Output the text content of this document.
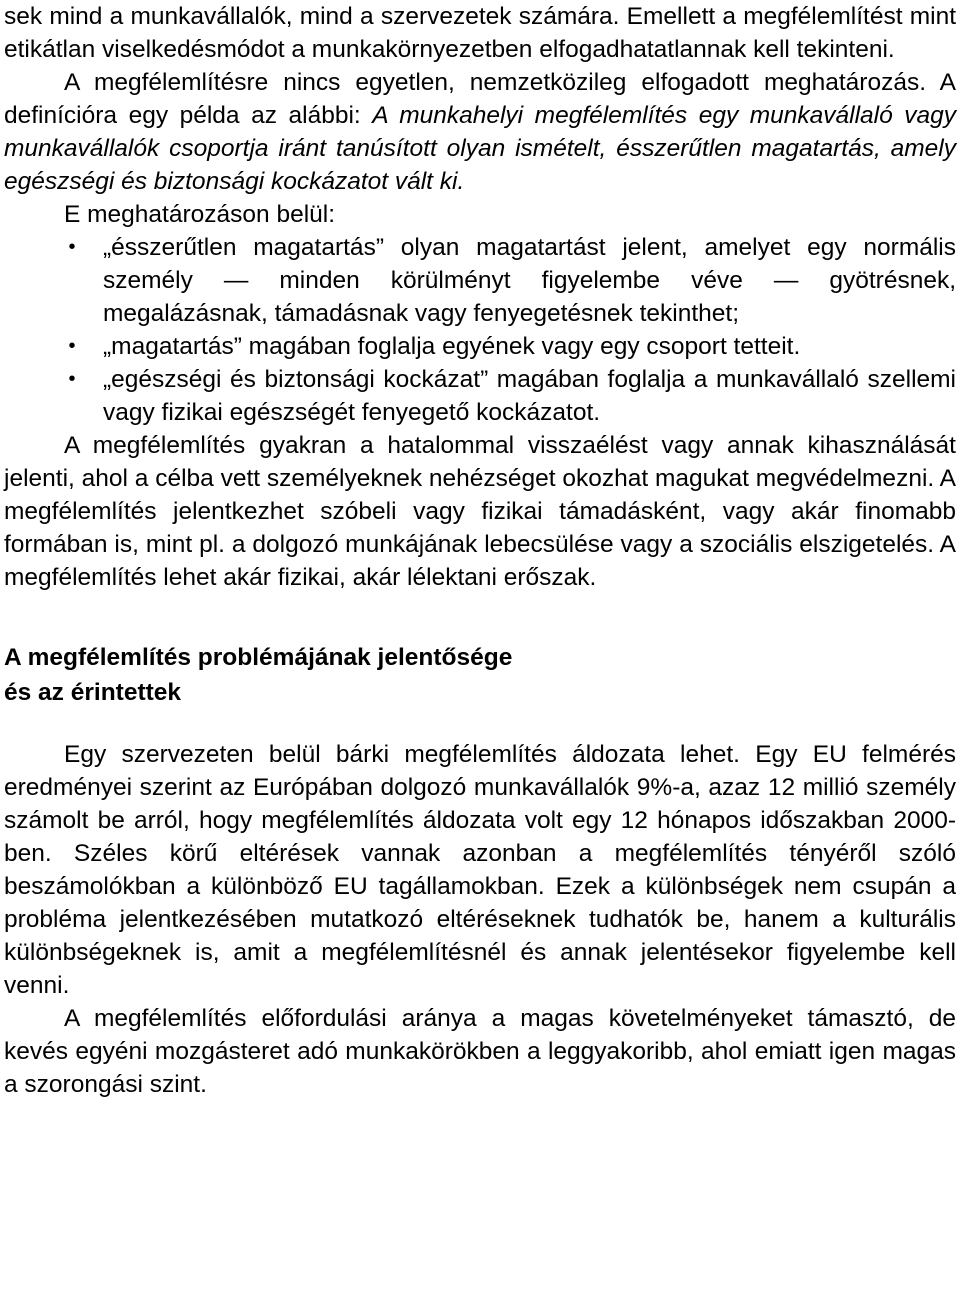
sek mind a munkavállalók, mind a szervezetek számára. Emellett a megfélemlítést mint etikátlan viselkedésmódot a munkakörnyezetben elfogadhatatlannak kell tekinteni.

A megfélemlítésre nincs egyetlen, nemzetközileg elfogadott meghatározás. A definícióra egy példa az alábbi: A munkahelyi megfélemlítés egy munkavállaló vagy munkavállalók csoportja iránt tanúsított olyan ismételt, ésszerűtlen magatartás, amely egészségi és biztonsági kockázatot vált ki.

E meghatározáson belül:

• „ésszerűtlen magatartás” olyan magatartást jelent, amelyet egy normális személy — minden körülményt figyelembe véve — gyötrésnek, megalázásnak, támadásnak vagy fenyegetésnek tekinthet;
• „magatartás” magában foglalja egyének vagy egy csoport tetteit.
• „egészségi és biztonsági kockázat” magában foglalja a munkavállaló szellemi vagy fizikai egészségét fenyegető kockázatot.

A megfélemlítés gyakran a hatalommal visszaélést vagy annak kihasználását jelenti, ahol a célba vett személyeknek nehézséget okozhat magukat megvédelmezni. A megfélemlítés jelentkezhet szóbeli vagy fizikai támadásként, vagy akár finomabb formában is, mint pl. a dolgozó munkájának lebecsülése vagy a szociális elszigetelés. A megfélemlítés lehet akár fizikai, akár lélektani erőszak.

A megfélemlítés problémájának jelentősége
és az érintettek

Egy szervezeten belül bárki megfélemlítés áldozata lehet. Egy EU felmérés eredményei szerint az Európában dolgozó munkavállalók 9%-a, azaz 12 millió személy számolt be arról, hogy megfélemlítés áldozata volt egy 12 hónapos időszakban 2000-ben. Széles körű eltérések vannak azonban a megfélemlítés tényéről szóló beszámolókban a különböző EU tagállamokban. Ezek a különbségek nem csupán a probléma jelentkezésében mutatkozó eltéréseknek tudhatók be, hanem a kulturális különbségeknek is, amit a megfélemlítésnél és annak jelentésekor figyelembe kell venni.

A megfélemlítés előfordulási aránya a magas követelményeket támasztó, de kevés egyéni mozgásteret adó munkakörökben a leggyakoribb, ahol emiatt igen magas a szorongási szint.
